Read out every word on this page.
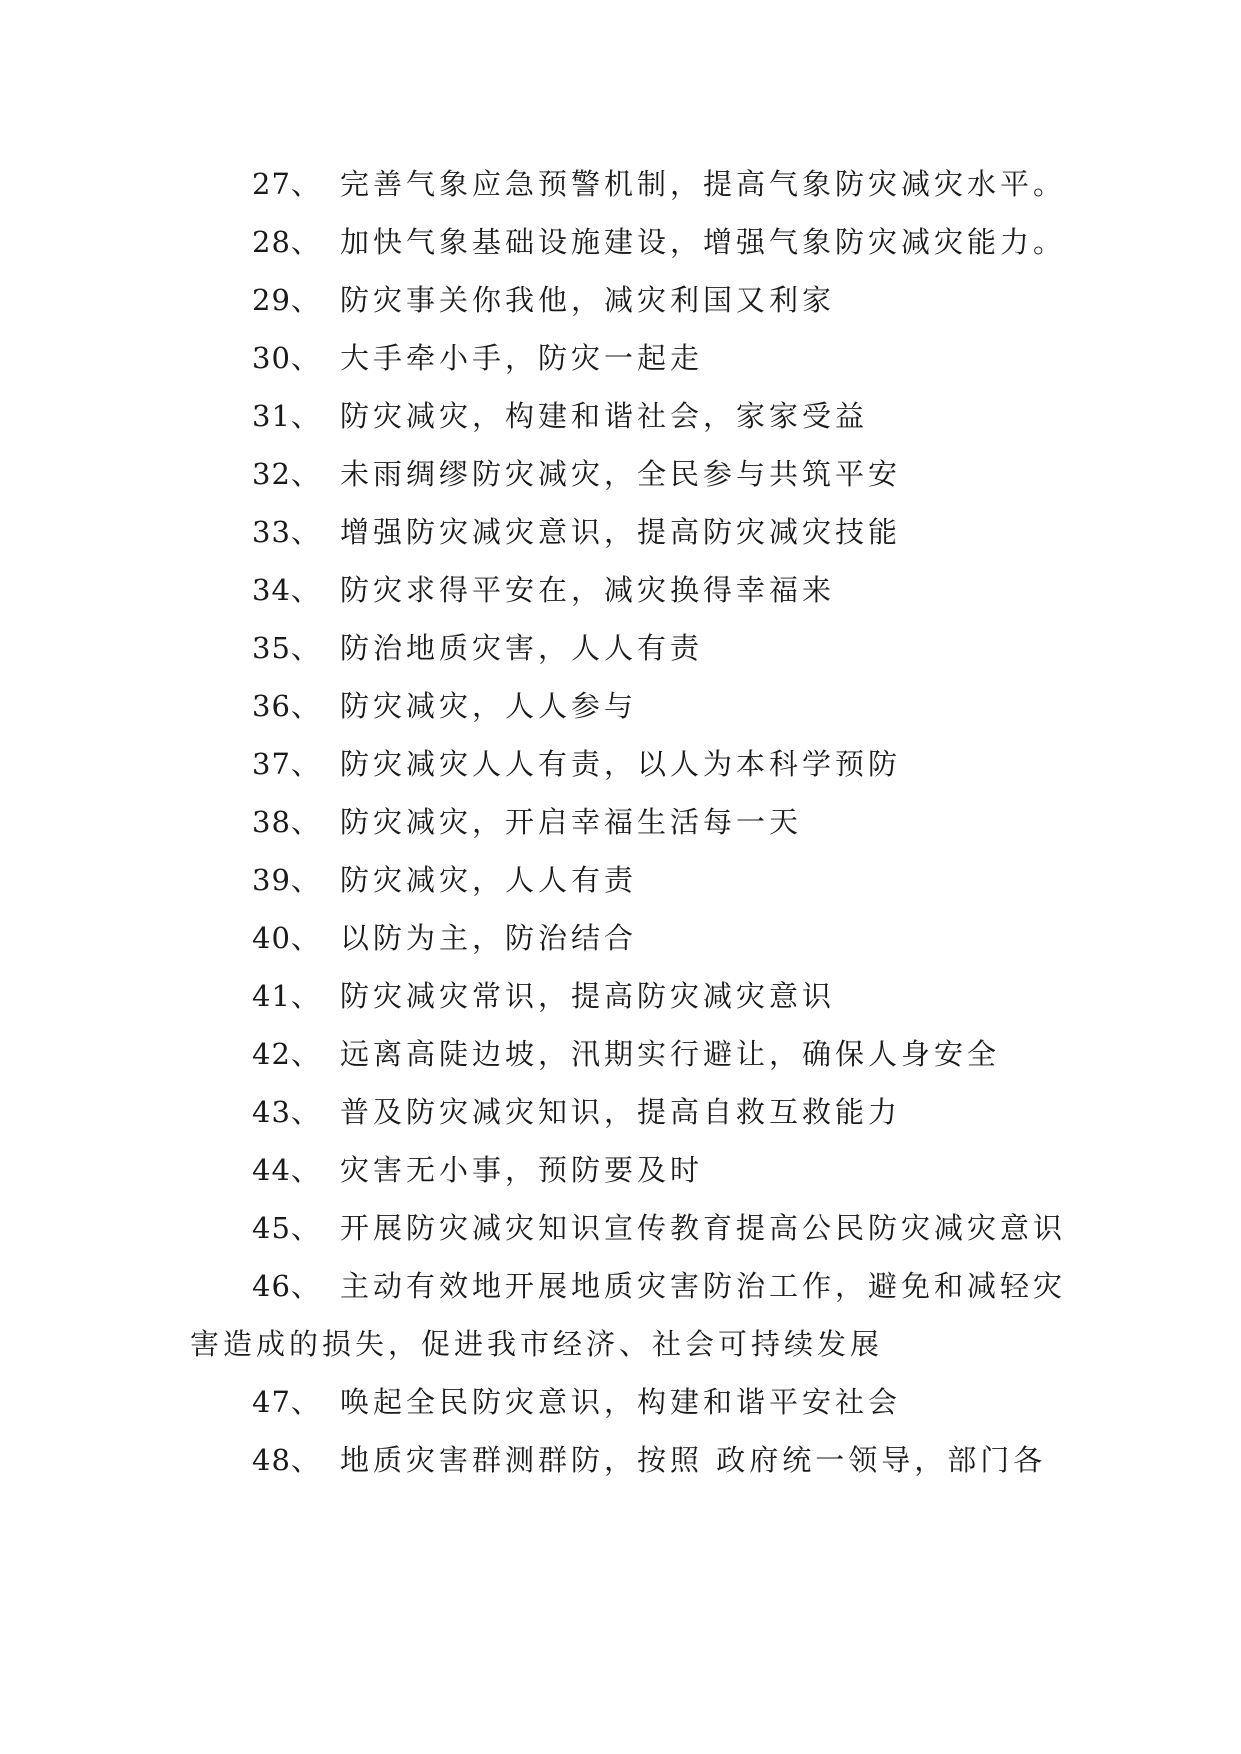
27、 完善气象应急预警机制，提高气象防灾减灾水平。

28、 加快气象基础设施建设，增强气象防灾减灾能力。

29、 防灾事关你我他，减灾利国又利家

30、 大手牵小手，防灾一起走

31、 防灾减灾，构建和谐社会，家家受益

32、 未雨绸缪防灾减灾，全民参与共筑平安

33、 增强防灾减灾意识，提高防灾减灾技能

34、 防灾求得平安在，减灾换得幸福来

35、 防治地质灾害，人人有责

36、 防灾减灾，人人参与

37、 防灾减灾人人有责，以人为本科学预防

38、 防灾减灾，开启幸福生活每一天

39、 防灾减灾，人人有责

40、 以防为主，防治结合

41、 防灾减灾常识，提高防灾减灾意识

42、 远离高陡边坡，汛期实行避让，确保人身安全

43、 普及防灾减灾知识，提高自救互救能力

44、 灾害无小事，预防要及时

45、 开展防灾减灾知识宣传教育提高公民防灾减灾意识

46、 主动有效地开展地质灾害防治工作，避免和减轻灾害造成的损失，促进我市经济、社会可持续发展

47、 唤起全民防灾意识，构建和谐平安社会

48、 地质灾害群测群防，按照 政府统一领导，部门各
